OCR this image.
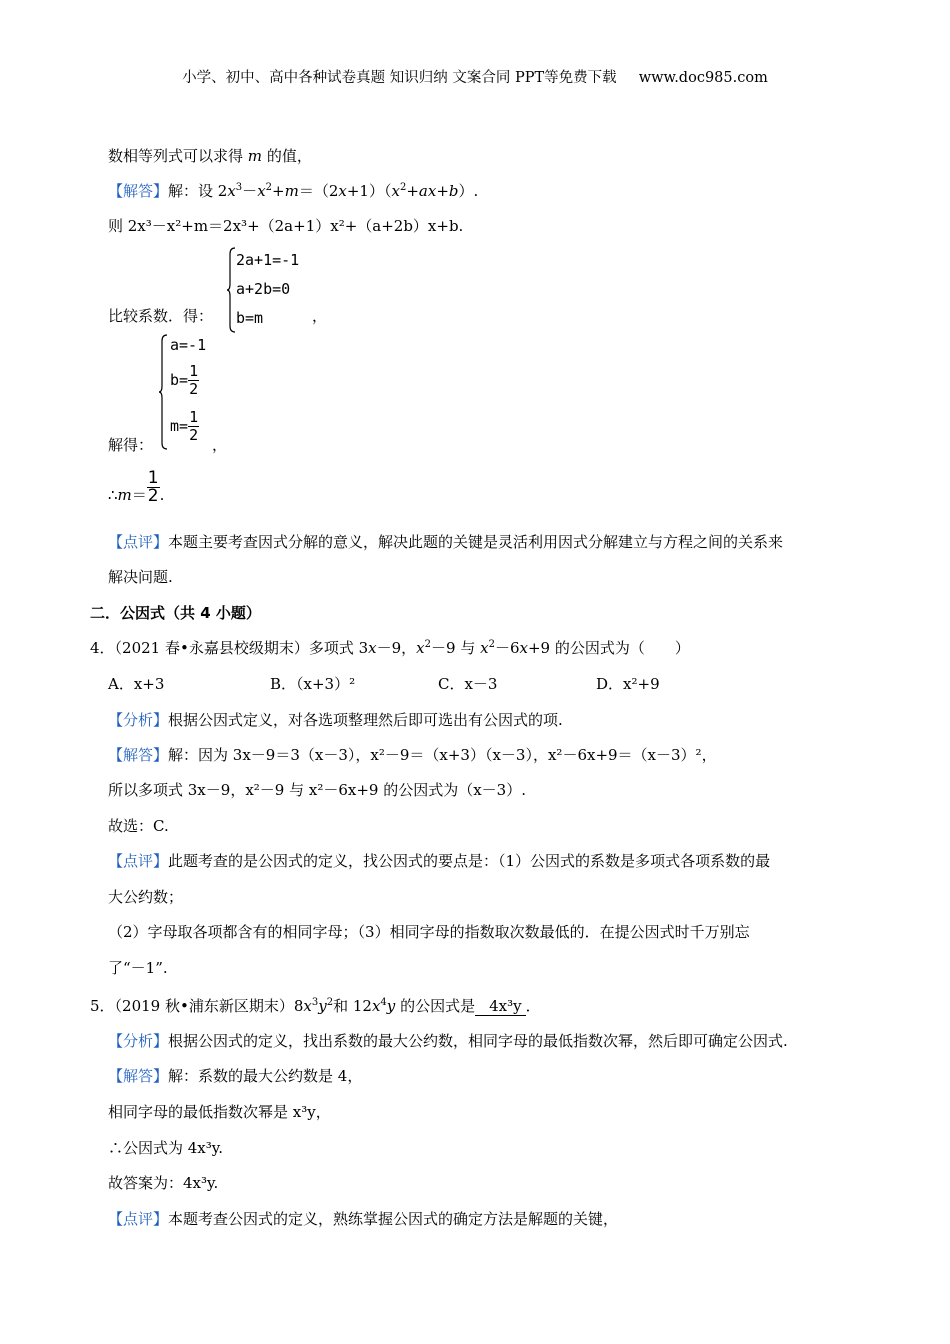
小学、初中、高中各种试卷真题 知识归纳 文案合同 PPT等免费下载 www.doc985.com
数相等列式可以求得 m 的值，
【解答】解：设 $2x^3-x^2+m=(2x+1)(x^2+ax+b)$.
则 2x³－x²+m＝2x³+（2a+1）x²+（a+2b）x+b.
2a+1=-1
a+2b=0
b=m
比较系数．得：	，
a=-1
$b= \frac{1}{2}$
$m= \frac{1}{2}$
解得：	，
∴ $m = \frac{1}{2}$ .
【点评】本题主要考查因式分解的意义，解决此题的关键是灵活利用因式分解建立与方程之间的关系来
解决问题.
二．公因式（共 4 小题）
4．（2021 春•永嘉县校级期末）多项式 3x－9，$x^2-9$ 与 $x^2-6x+9$ 的公因式为（　　）
A．x+3	B．（x+3）²	C．x－3	D．x²+9
【分析】根据公因式定义，对各选项整理然后即可选出有公因式的项.
【解答】解：因为 3x－9＝3（x－3），x²－9＝（x+3）（x－3），x²－6x+9＝（x－3）²，
所以多项式 3x－9，x²－9 与 x²－6x+9 的公因式为（x－3）.
故选：C.
【点评】此题考查的是公因式的定义，找公因式的要点是：（1）公因式的系数是多项式各项系数的最
大公约数；
（2）字母取各项都含有的相同字母；（3）相同字母的指数取次数最低的．在提公因式时千万别忘
了“－1”.
5．（2019 秋•浦东新区期末）$8x^3y^2$和 $12x^4y$ 的公因式是 4x³y ．
【分析】根据公因式的定义，找出系数的最大公约数，相同字母的最低指数次幂，然后即可确定公因式.
【解答】解：系数的最大公约数是 4，
相同字母的最低指数次幂是 x³y，
∴公因式为 4x³y.
故答案为：4x³y.
【点评】本题考查公因式的定义，熟练掌握公因式的确定方法是解题的关键，
